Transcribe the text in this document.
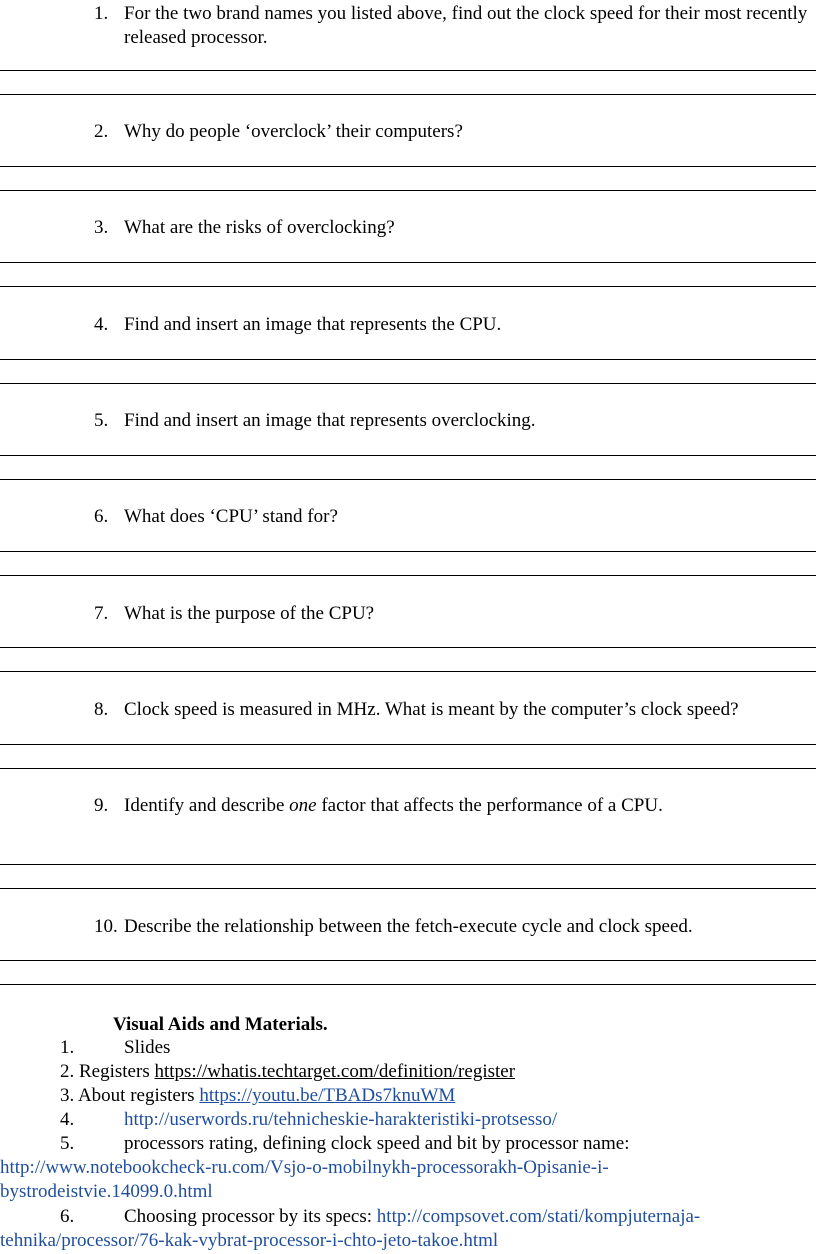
1. For the two brand names you listed above, find out the clock speed for their most recently released processor.
2. Why do people ‘overclock’ their computers?
3. What are the risks of overclocking?
4. Find and insert an image that represents the CPU.
5. Find and insert an image that represents overclocking.
6. What does ‘CPU’ stand for?
7. What is the purpose of the CPU?
8. Clock speed is measured in MHz. What is meant by the computer’s clock speed?
9. Identify and describe one factor that affects the performance of a CPU.
10. Describe the relationship between the fetch-execute cycle and clock speed.
Visual Aids and Materials.
1.	Slides
2. Registers https://whatis.techtarget.com/definition/register
3. About registers https://youtu.be/TBADs7knuWM
4.	http://userwords.ru/tehnicheskie-harakteristiki-protsesso/
5.	processors rating, defining clock speed and bit by processor name:
http://www.notebookcheck-ru.com/Vsjo-o-mobilnykh-processorakh-Opisanie-i-
bystrodeistvie.14099.0.html
6.	Choosing processor by its specs: http://compsovet.com/stati/kompjuternaja-
tehnika/processor/76-kak-vybrat-processor-i-chto-jeto-takoe.html
